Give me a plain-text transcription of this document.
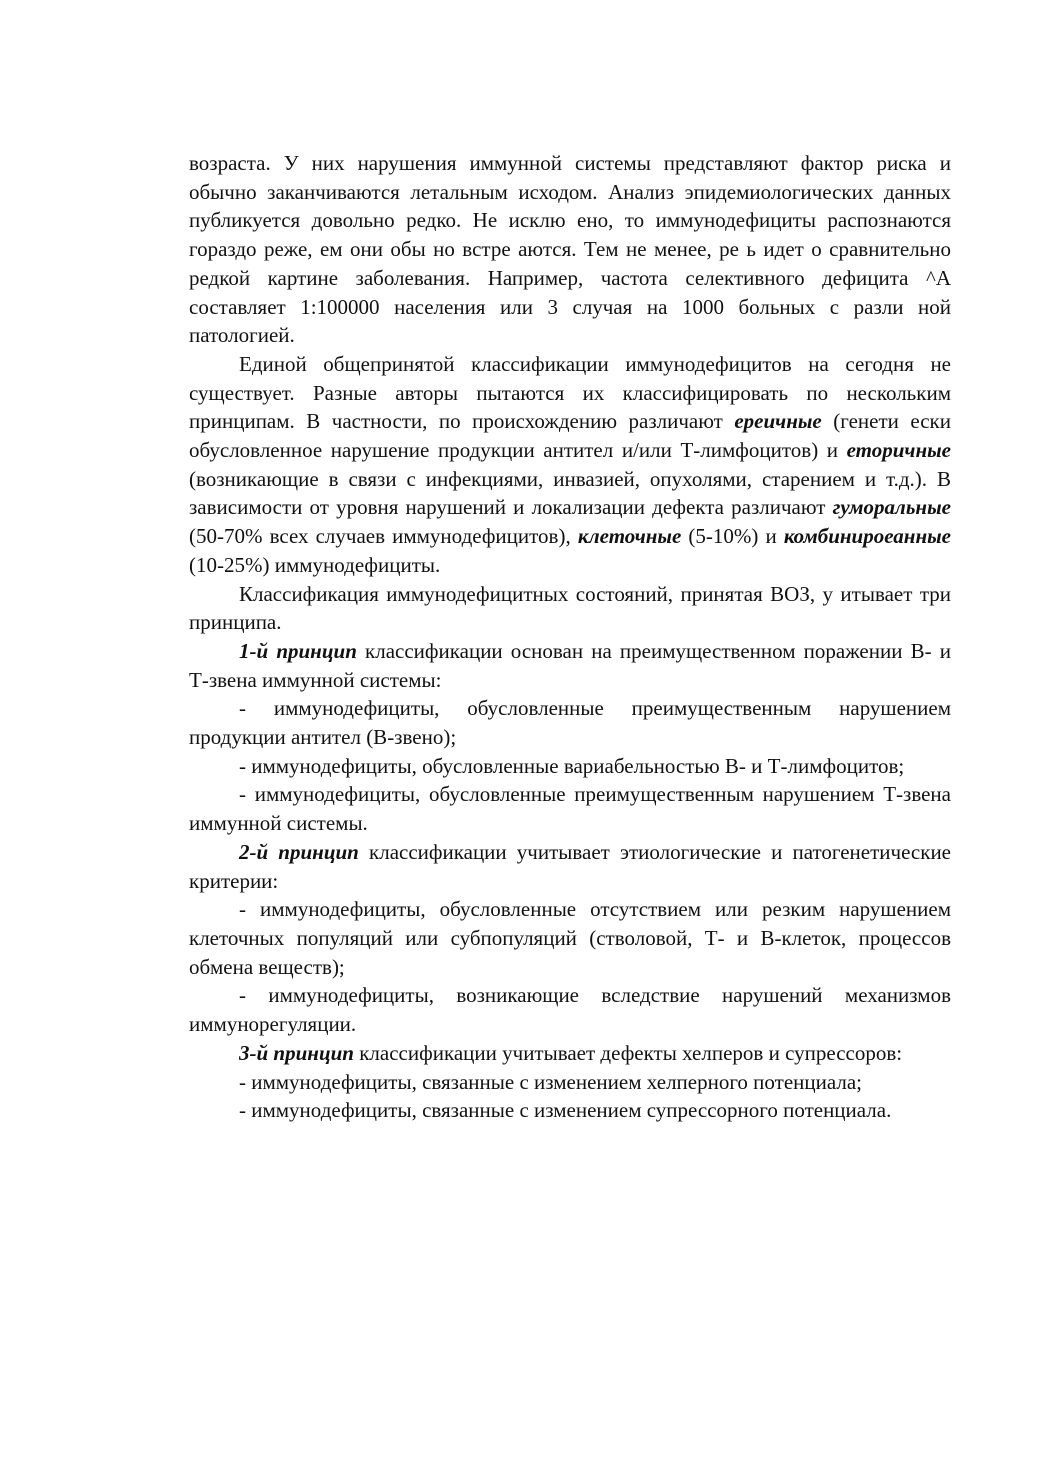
возраста. У них нарушения иммунной системы представляют фактор риска и обычно заканчиваются летальным исходом. Анализ эпидемиологических данных публикуется довольно редко. Не исклю ено, то иммунодефициты распознаются гораздо реже, ем они обы но встре аются. Тем не менее, ре ь идет о сравнительно редкой картине заболевания. Например, частота селективного дефицита ^А составляет 1:100000 населения или 3 случая на 1000 больных с разли ной патологией.

Единой общепринятой классификации иммунодефицитов на сегодня не существует. Разные авторы пытаются их классифицировать по нескольким принципам. В частности, по происхождению различают ереичные (генети ески обусловленное нарушение продукции антител и/или Т-лимфоцитов) и еторичные (возникающие в связи с инфекциями, инвазией, опухолями, старением и т.д.). В зависимости от уровня нарушений и локализации дефекта различают гуморальные (50-70% всех случаев иммунодефицитов), клеточные (5-10%) и комбинироеанные (10-25%) иммунодефициты.

Классификация иммунодефицитных состояний, принятая ВОЗ, у итывает три принципа.

1-й принцип классификации основан на преимущественном поражении В- и Т-звена иммунной системы:

- иммунодефициты, обусловленные преимущественным нарушением продукции антител (В-звено);

- иммунодефициты, обусловленные вариабельностью В- и Т-лимфоцитов;

- иммунодефициты, обусловленные преимущественным нарушением Т-звена иммунной системы.

2-й принцип классификации учитывает этиологические и патогенетические критерии:

- иммунодефициты, обусловленные отсутствием или резким нарушением клеточных популяций или субпопуляций (стволовой, Т- и В-клеток, процессов обмена веществ);

- иммунодефициты, возникающие вследствие нарушений механизмов иммунорегуляции.

3-й принцип классификации учитывает дефекты хелперов и супрессоров:

- иммунодефициты, связанные с изменением хелперного потенциала;

- иммунодефициты, связанные с изменением супрессорного потенциала.
